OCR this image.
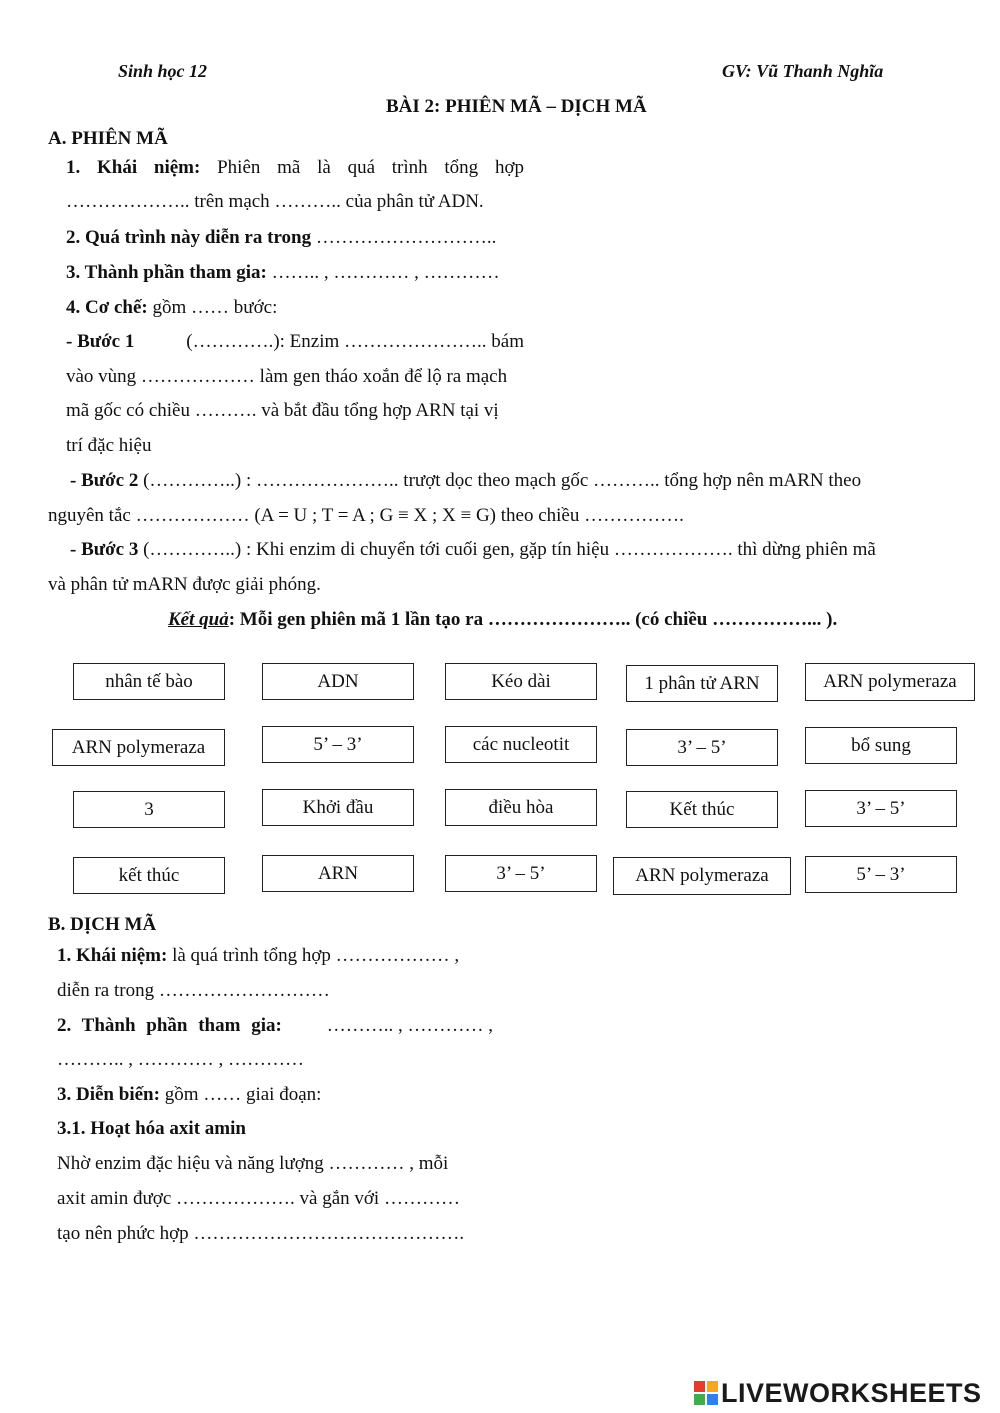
Sinh học 12	GV: Vũ Thanh Nghĩa
BÀI 2: PHIÊN MÃ – DỊCH MÃ
A. PHIÊN MÃ
1. Khái niệm: Phiên mã là quá trình tổng hợp
……………….. trên mạch ……….. của phân tử ADN.
2. Quá trình này diễn ra trong ………………………..
3. Thành phần tham gia: …….. , ………… , …………
4. Cơ chế: gồm …… bước:
- Bước 1	(………….): Enzim ………………….. bám
vào vùng ……………… làm gen tháo xoắn để lộ ra mạch
mã gốc có chiều ………. và bắt đầu tổng hợp ARN tại vị
trí đặc hiệu
- Bước 2 (…………..) : ………………….. trượt dọc theo mạch gốc ……….. tổng hợp nên mARN theo
nguyên tắc ……………… (A = U ; T = A ; G ≡ X ; X ≡ G) theo chiều …………….
- Bước 3 (…………..) : Khi enzim di chuyển tới cuối gen, gặp tín hiệu ………………. thì dừng phiên mã
và phân tử mARN được giải phóng.
Kết quả: Mỗi gen phiên mã 1 lần tạo ra ………………….. (có chiều ……………... ).
nhân tế bào	ADN	Kéo dài	1 phân tử ARN	ARN polymeraza
ARN polymeraza	5’ – 3’	các nucleotit	3’ – 5’	bổ sung
3	Khởi đầu	điều hòa	Kết thúc	3’ – 5’
kết thúc	ARN	3’ – 5’	ARN polymeraza	5’ – 3’
B. DỊCH MÃ
1. Khái niệm: là quá trình tổng hợp ……………… ,
diễn ra trong ………………………
2. Thành phần tham gia: ……….. , ………… ,
……….. , ………… , …………
3. Diễn biến: gồm …… giai đoạn:
3.1. Hoạt hóa axit amin
Nhờ enzim đặc hiệu và năng lượng ………… , mỗi
axit amin được ………………. và gắn với …………
tạo nên phức hợp …………………………………….
LIVEWORKSHEETS
